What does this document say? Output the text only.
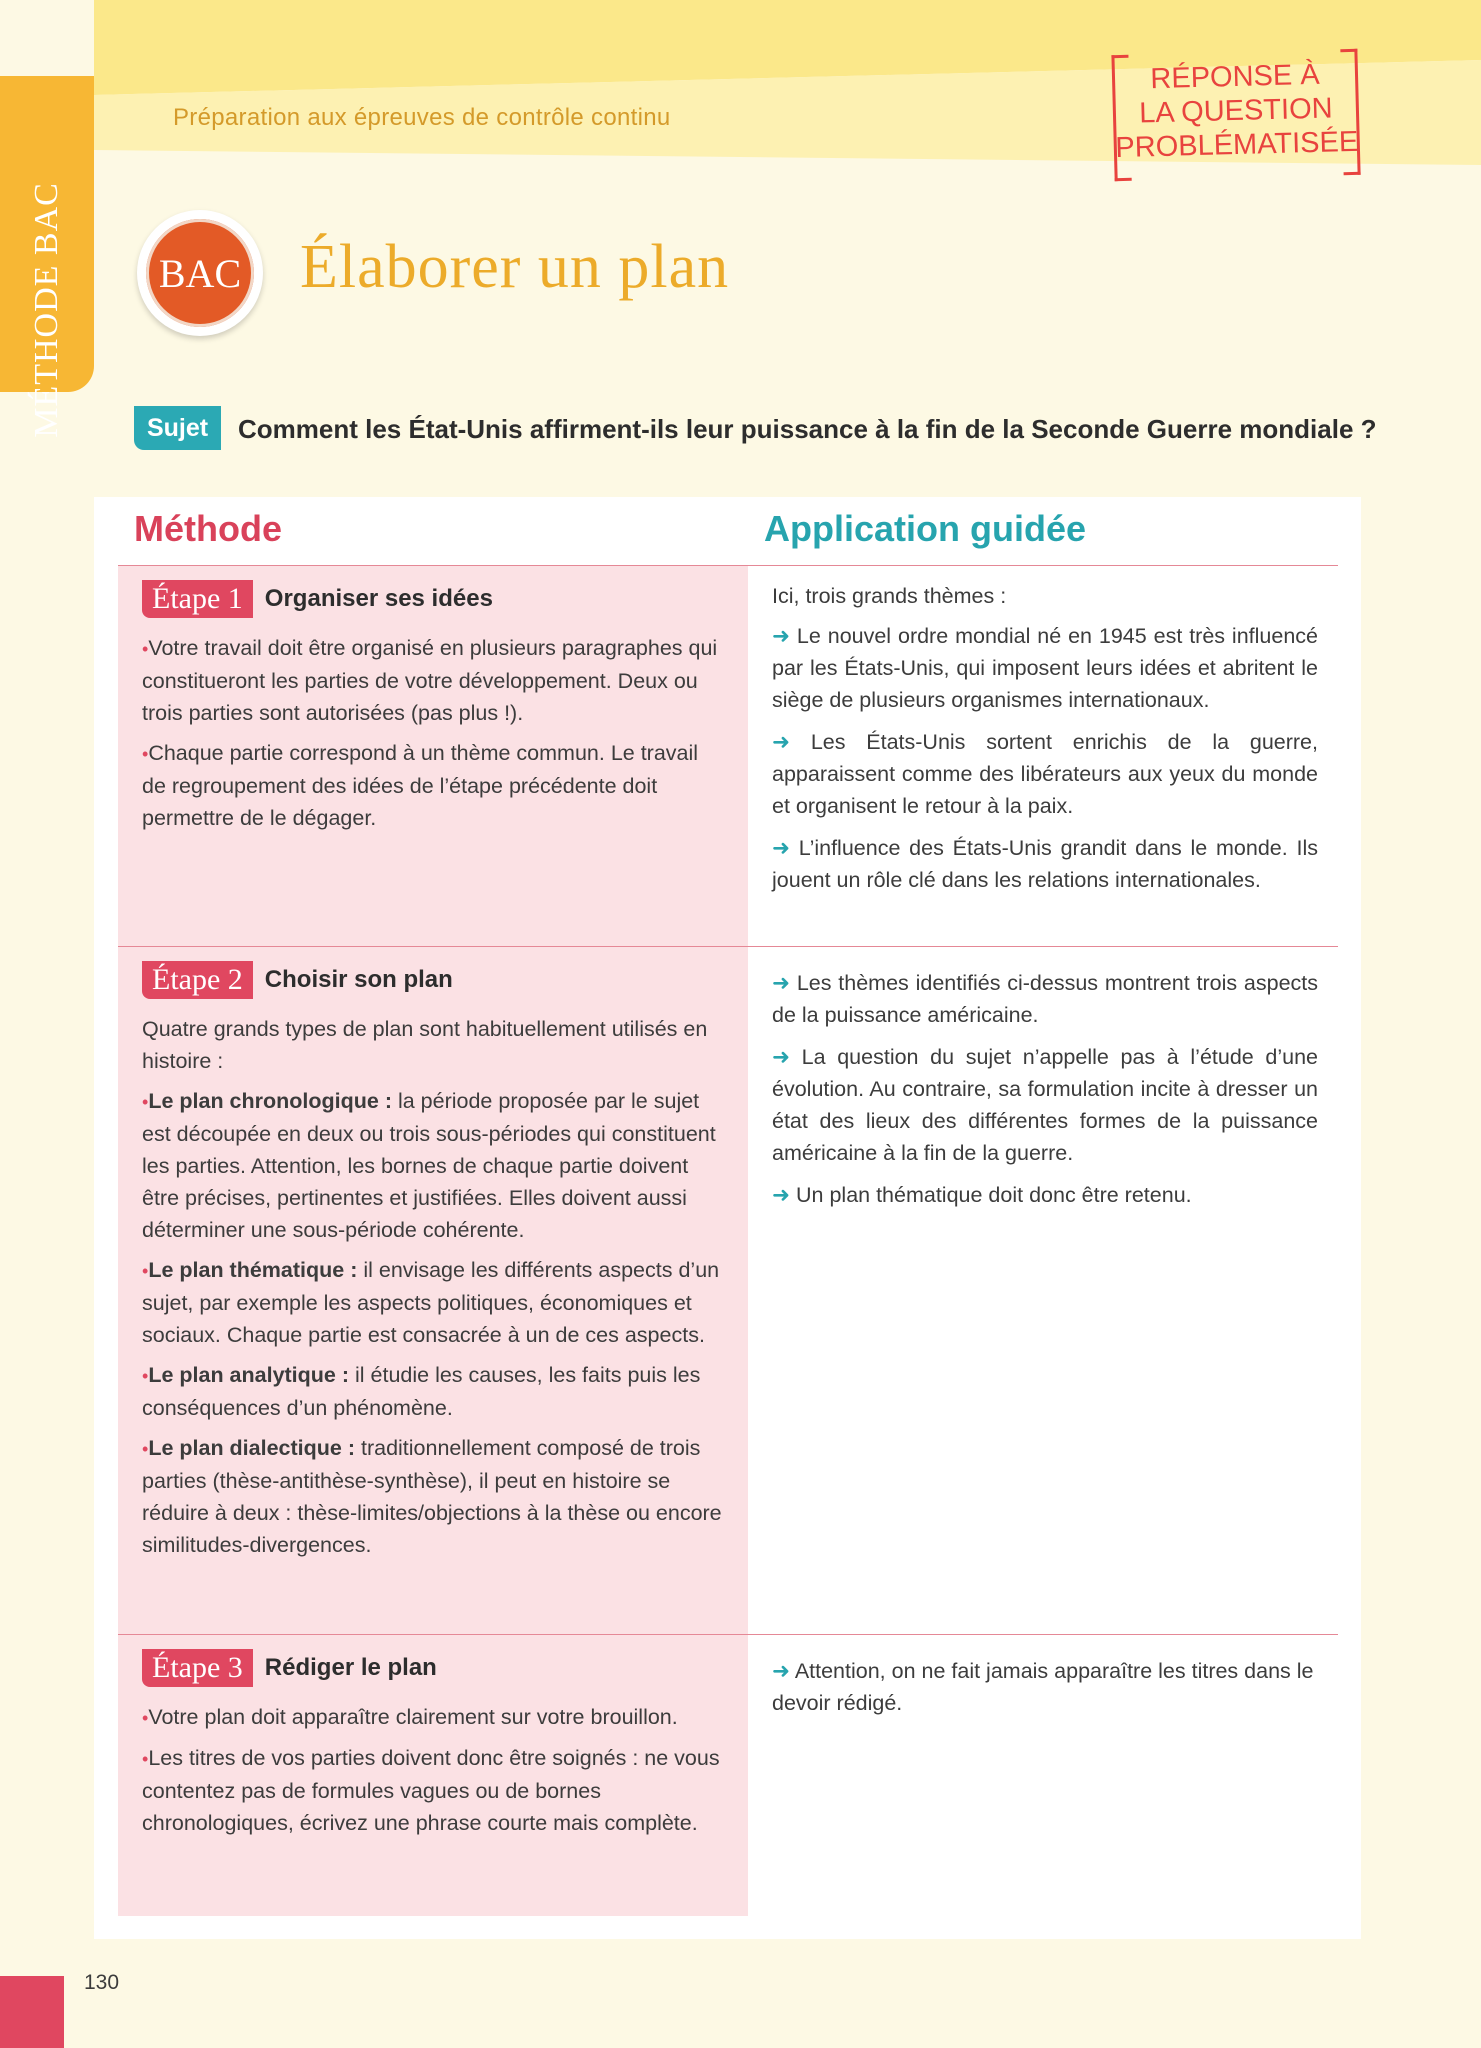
MÉTHODE BAC
Préparation aux épreuves de contrôle continu
RÉPONSE À
LA QUESTION
PROBLÉMATISÉE
BAC Élaborer un plan
Sujet	Comment les État-Unis affirment-ils leur puissance à la fin de la Seconde Guerre mondiale ?
Méthode	Application guidée
Étape 1 Organiser ses idées

•Votre travail doit être organisé en plusieurs paragraphes qui constitueront les parties de votre développement. Deux ou trois parties sont autorisées (pas plus !).

•Chaque partie correspond à un thème commun. Le travail de regroupement des idées de l’étape précédente doit permettre de le dégager.

Ici, trois grands thèmes :

➜ Le nouvel ordre mondial né en 1945 est très influencé par les États-Unis, qui imposent leurs idées et abritent le siège de plusieurs organismes internationaux.

➜ Les États-Unis sortent enrichis de la guerre, apparaissent comme des libérateurs aux yeux du monde et organisent le retour à la paix.

➜ L’influence des États-Unis grandit dans le monde. Ils jouent un rôle clé dans les relations internationales.

Étape 2 Choisir son plan

Quatre grands types de plan sont habituellement utilisés en histoire :

•Le plan chronologique : la période proposée par le sujet est découpée en deux ou trois sous-périodes qui constituent les parties. Attention, les bornes de chaque partie doivent être précises, pertinentes et justifiées. Elles doivent aussi déterminer une sous-période cohérente.

•Le plan thématique : il envisage les différents aspects d’un sujet, par exemple les aspects politiques, économiques et sociaux. Chaque partie est consacrée à un de ces aspects.

•Le plan analytique : il étudie les causes, les faits puis les conséquences d’un phénomène.

•Le plan dialectique : traditionnellement composé de trois parties (thèse-antithèse-synthèse), il peut en histoire se réduire à deux : thèse-limites/objections à la thèse ou encore similitudes-divergences.

➜ Les thèmes identifiés ci-dessus montrent trois aspects de la puissance américaine.

➜ La question du sujet n’appelle pas à l’étude d’une évolution. Au contraire, sa formulation incite à dresser un état des lieux des différentes formes de la puissance américaine à la fin de la guerre.

➜ Un plan thématique doit donc être retenu.

Étape 3 Rédiger le plan

•Votre plan doit apparaître clairement sur votre brouillon.

•Les titres de vos parties doivent donc être soignés : ne vous contentez pas de formules vagues ou de bornes chronologiques, écrivez une phrase courte mais complète.

➜ Attention, on ne fait jamais apparaître les titres dans le devoir rédigé.

130
